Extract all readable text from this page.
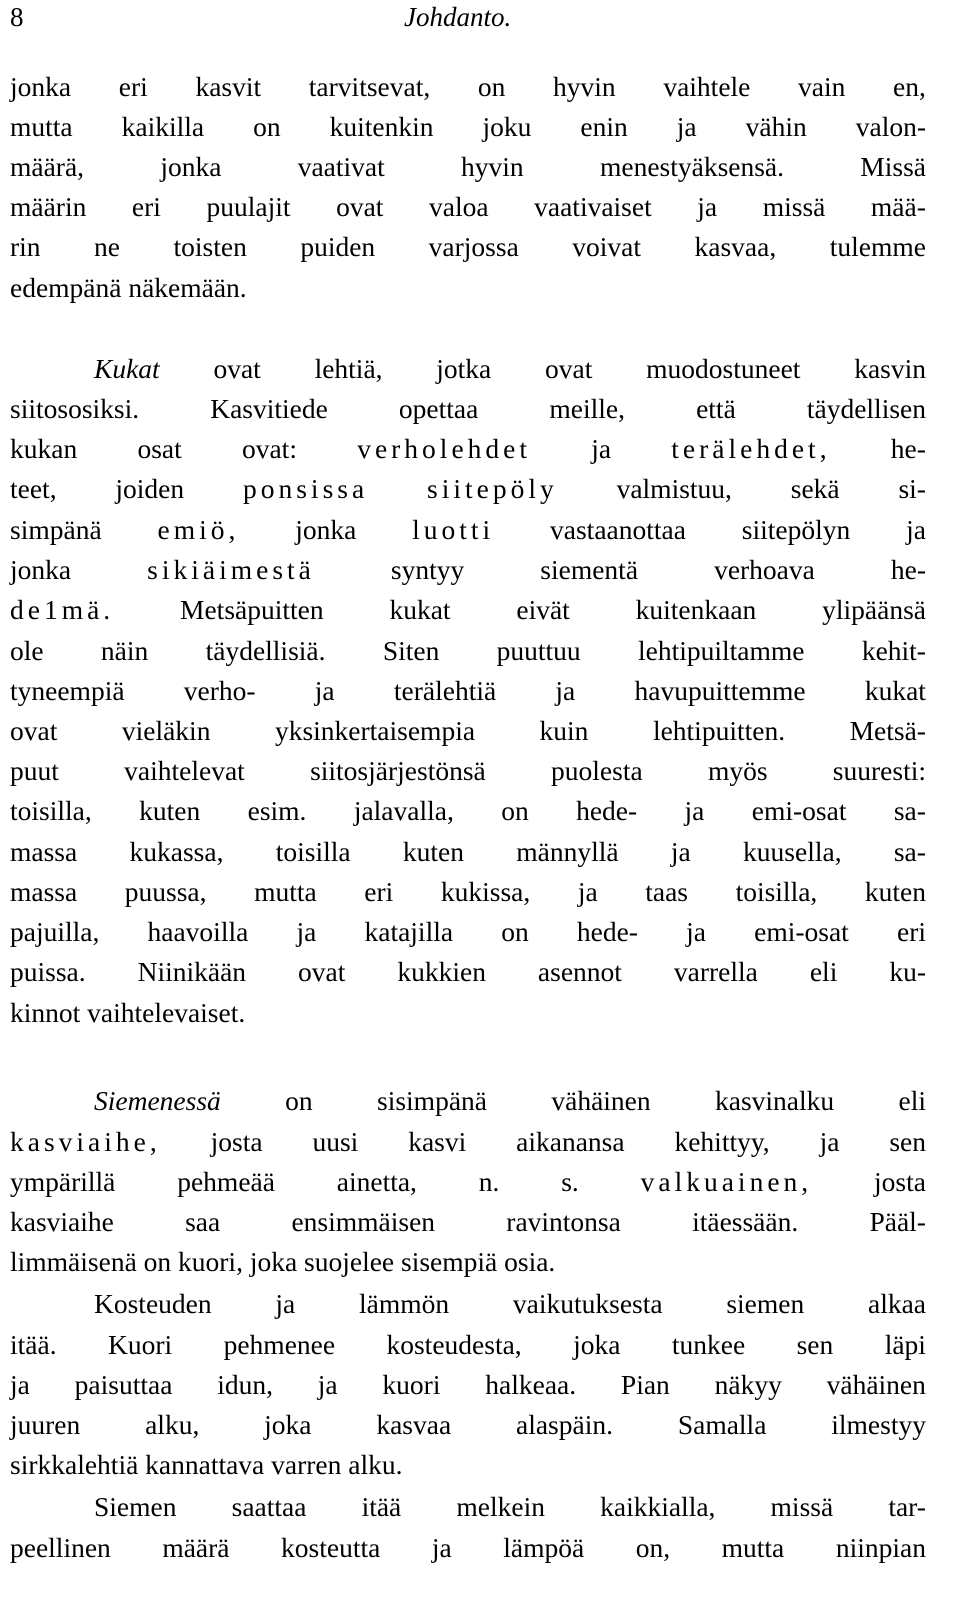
8	Johdanto.
jonka eri kasvit tarvitsevat, on hyvin vaihtele vain en,
mutta kaikilla on kuitenkin joku enin ja vähin valon-
määrä,	jonka	vaativat	hyvin	menestyäksensä.	Missä
määrin eri puulajit ovat valoa vaativaiset ja missä mää-
rin ne toisten puiden varjossa voivat kasvaa, tulemme
edempänä näkemään.
Kukat ovat lehtiä, jotka ovat muodostuneet kasvin
siitososiksi.	Kasvitiede	opettaa	meille,	että	täydellisen
kukan osat ovat: verholehdet ja terälehdet, he-
teet, joiden ponsissa siitepöly valmistuu, sekä si-
simpänä emiö, jonka luotti vastaanottaa siitepölyn ja
jonka	sikiäimestä	syntyy	siementä	verhoava	he-
de1mä. Metsäpuitten kukat eivät kuitenkaan ylipäänsä
ole näin täydellisiä. Siten puuttuu lehtipuiltamme kehit-
tyneempiä verho- ja terälehtiä ja havupuittemme kukat
ovat vieläkin yksinkertaisempia kuin lehtipuitten. Metsä-
puut vaihtelevat siitosjärjestönsä puolesta myös suuresti:
toisilla, kuten esim. jalavalla, on hede- ja emi-osat sa-
massa kukassa, toisilla kuten männyllä ja kuusella, sa-
massa puussa, mutta eri kukissa, ja taas toisilla, kuten
pajuilla, haavoilla ja katajilla on hede- ja emi-osat eri
puissa. Niinikään ovat kukkien asennot varrella eli ku-
kinnot vaihtelevaiset.
Siemenessä on sisimpänä vähäinen kasvinalku eli
kasviaihe, josta uusi kasvi aikanansa kehittyy, ja sen
ympärillä pehmeää ainetta, n. s. valkuainen, josta
kasviaihe	saa	ensimmäisen	ravintonsa	itäessään.	Pääl-
limmäisenä on kuori, joka suojelee sisempiä osia.
Kosteuden ja lämmön vaikutuksesta siemen alkaa
itää. Kuori pehmenee kosteudesta, joka tunkee sen läpi
ja paisuttaa idun, ja kuori halkeaa. Pian näkyy vähäinen
juuren alku, joka kasvaa alaspäin. Samalla ilmestyy
sirkkalehtiä kannattava varren alku.
Siemen saattaa itää melkein kaikkialla, missä tar-
peellinen määrä kosteutta ja lämpöä on, mutta niinpian
